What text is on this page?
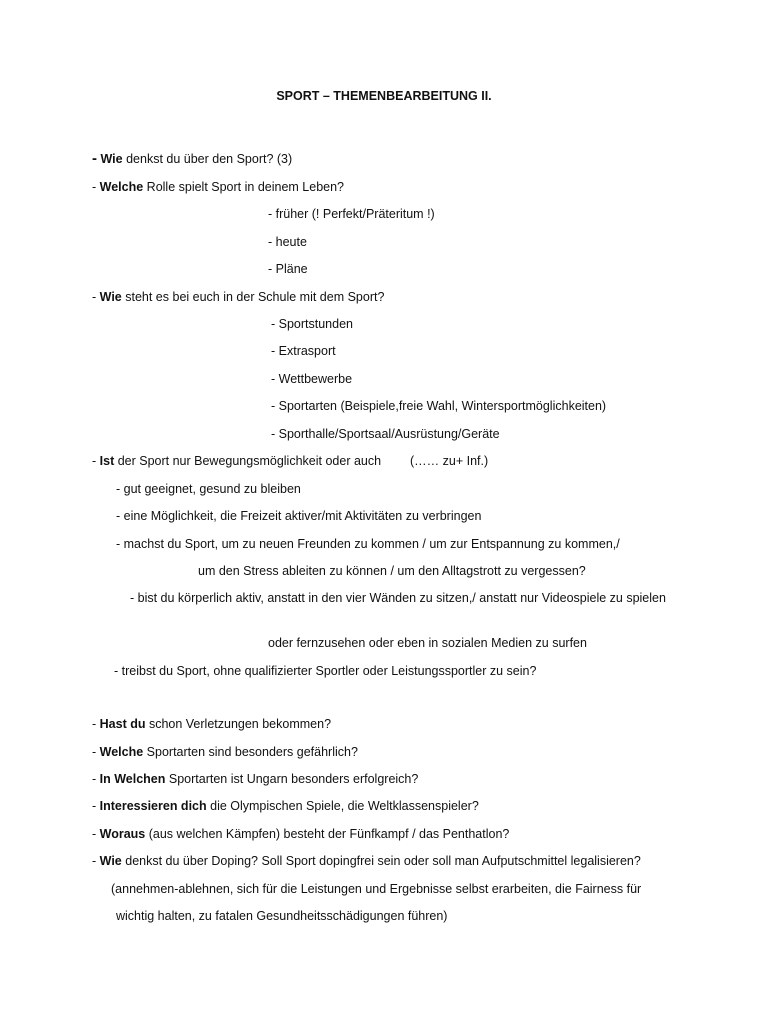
SPORT – THEMENBEARBEITUNG II.
- Wie denkst du über den Sport? (3)
- Welche Rolle spielt Sport in deinem Leben?
- früher (! Perfekt/Präteritum !)
- heute
- Pläne
- Wie steht es bei euch in der Schule mit dem Sport?
- Sportstunden
- Extrasport
- Wettbewerbe
- Sportarten (Beispiele,freie Wahl, Wintersportmöglichkeiten)
- Sporthalle/Sportsaal/Ausrüstung/Geräte
- Ist der Sport nur Bewegungsmöglichkeit oder auch (…… zu+ Inf.)
- gut geeignet, gesund zu bleiben
- eine Möglichkeit, die Freizeit aktiver/mit Aktivitäten zu verbringen
- machst du Sport, um zu neuen Freunden zu kommen / um zur Entspannung zu kommen,/
um den Stress ableiten zu können / um den Alltagstrott zu vergessen?
- bist du körperlich aktiv, anstatt in den vier Wänden zu sitzen,/ anstatt nur Videospiele zu spielen
oder fernzusehen oder eben in sozialen Medien zu surfen
- treibst du Sport, ohne qualifizierter Sportler oder Leistungssportler zu sein?
- Hast du schon Verletzungen bekommen?
- Welche Sportarten sind besonders gefährlich?
- In Welchen Sportarten ist Ungarn besonders erfolgreich?
- Interessieren dich die Olympischen Spiele, die Weltklassenspieler?
- Woraus (aus welchen Kämpfen) besteht der Fünfkampf / das Penthatlon?
- Wie denkst du über Doping? Soll Sport dopingfrei sein oder soll man Aufputschmittel legalisieren?
(annehmen-ablehnen, sich für die Leistungen und Ergebnisse selbst erarbeiten, die Fairness für
wichtig halten, zu fatalen Gesundheitsschädigungen führen)
